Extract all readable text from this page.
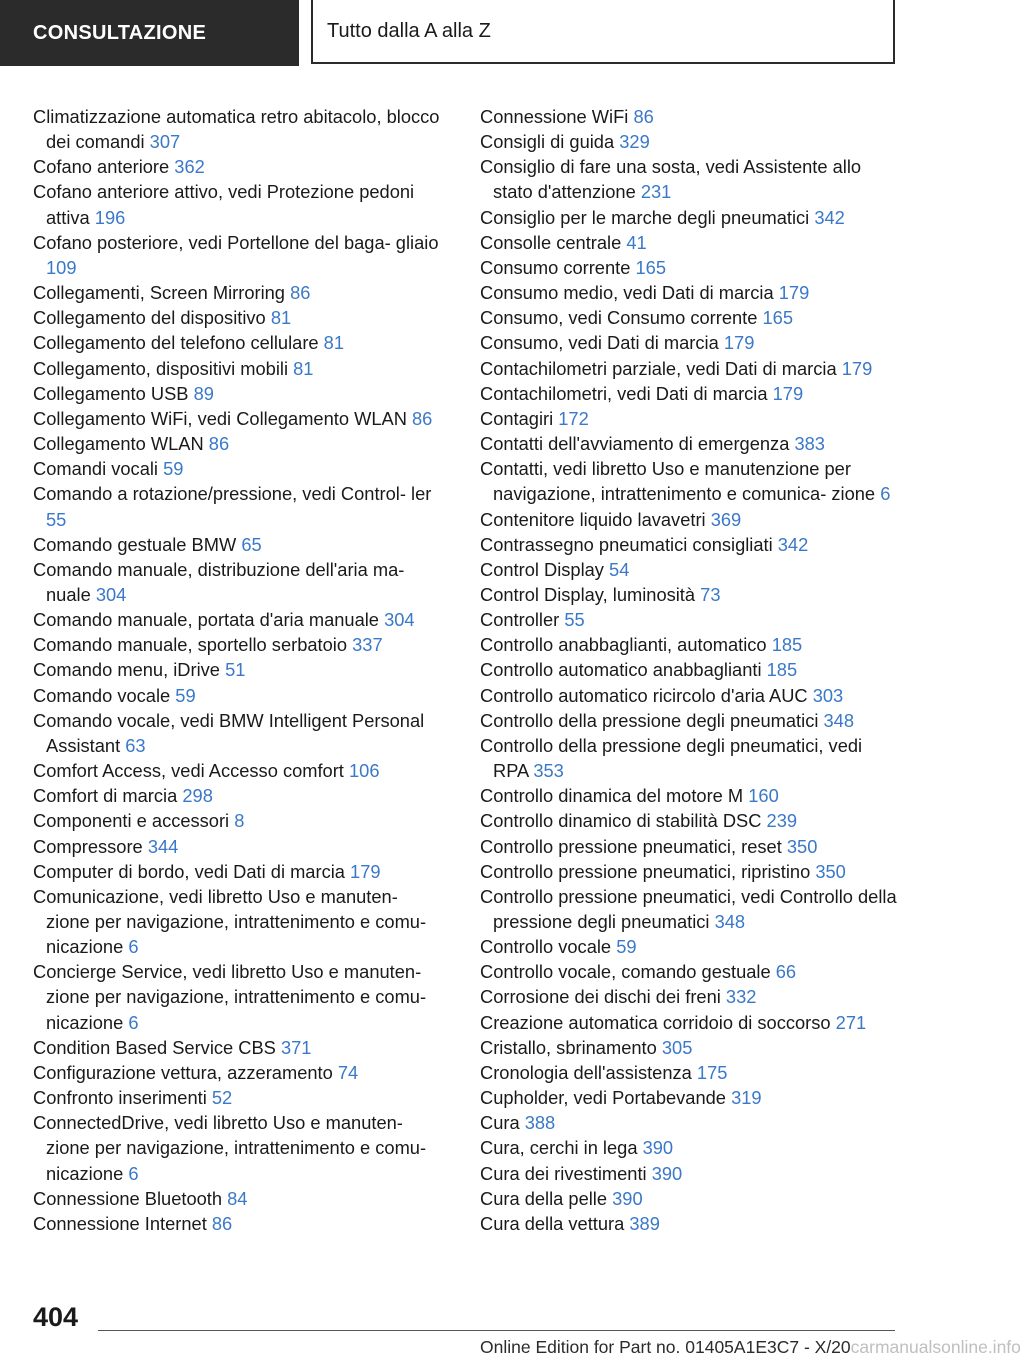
CONSULTAZIONE	Tutto dalla A alla Z
Climatizzazione automatica retro abitacolo, blocco dei comandi 307
Cofano anteriore 362
Cofano anteriore attivo, vedi Protezione pedoni attiva 196
Cofano posteriore, vedi Portellone del baga- gliaio 109
Collegamenti, Screen Mirroring 86
Collegamento del dispositivo 81
Collegamento del telefono cellulare 81
Collegamento, dispositivi mobili 81
Collegamento USB 89
Collegamento WiFi, vedi Collegamento WLAN 86
Collegamento WLAN 86
Comandi vocali 59
Comando a rotazione/pressione, vedi Control- ler 55
Comando gestuale BMW 65
Comando manuale, distribuzione dell'aria ma- nuale 304
Comando manuale, portata d'aria manuale 304
Comando manuale, sportello serbatoio 337
Comando menu, iDrive 51
Comando vocale 59
Comando vocale, vedi BMW Intelligent Personal Assistant 63
Comfort Access, vedi Accesso comfort 106
Comfort di marcia 298
Componenti e accessori 8
Compressore 344
Computer di bordo, vedi Dati di marcia 179
Comunicazione, vedi libretto Uso e manuten- zione per navigazione, intrattenimento e comu- nicazione 6
Concierge Service, vedi libretto Uso e manuten- zione per navigazione, intrattenimento e comu- nicazione 6
Condition Based Service CBS 371
Configurazione vettura, azzeramento 74
Confronto inserimenti 52
ConnectedDrive, vedi libretto Uso e manuten- zione per navigazione, intrattenimento e comu- nicazione 6
Connessione Bluetooth 84
Connessione Internet 86
Connessione WiFi 86
Consigli di guida 329
Consiglio di fare una sosta, vedi Assistente allo stato d'attenzione 231
Consiglio per le marche degli pneumatici 342
Consolle centrale 41
Consumo corrente 165
Consumo medio, vedi Dati di marcia 179
Consumo, vedi Consumo corrente 165
Consumo, vedi Dati di marcia 179
Contachilometri parziale, vedi Dati di marcia 179
Contachilometri, vedi Dati di marcia 179
Contagiri 172
Contatti dell'avviamento di emergenza 383
Contatti, vedi libretto Uso e manutenzione per navigazione, intrattenimento e comunica- zione 6
Contenitore liquido lavavetri 369
Contrassegno pneumatici consigliati 342
Control Display 54
Control Display, luminosità 73
Controller 55
Controllo anabbaglianti, automatico 185
Controllo automatico anabbaglianti 185
Controllo automatico ricircolo d'aria AUC 303
Controllo della pressione degli pneumatici 348
Controllo della pressione degli pneumatici, vedi RPA 353
Controllo dinamica del motore M 160
Controllo dinamico di stabilità DSC 239
Controllo pressione pneumatici, reset 350
Controllo pressione pneumatici, ripristino 350
Controllo pressione pneumatici, vedi Controllo della pressione degli pneumatici 348
Controllo vocale 59
Controllo vocale, comando gestuale 66
Corrosione dei dischi dei freni 332
Creazione automatica corridoio di soccorso 271
Cristallo, sbrinamento 305
Cronologia dell'assistenza 175
Cupholder, vedi Portabevande 319
Cura 388
Cura, cerchi in lega 390
Cura dei rivestimenti 390
Cura della pelle 390
Cura della vettura 389
404
Online Edition for Part no. 01405A1E3C7 - X/20carmanualsonline.info
